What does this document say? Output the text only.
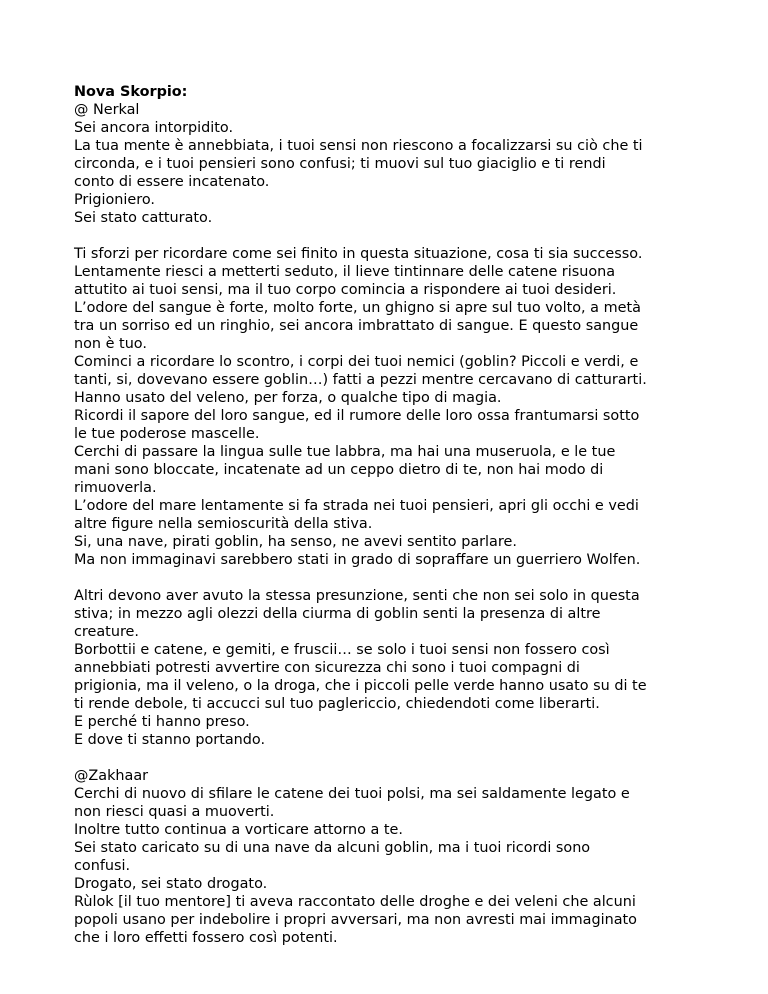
Nova Skorpio:
@ Nerkal
Sei ancora intorpidito.
La tua mente è annebbiata, i tuoi sensi non riescono a focalizzarsi su ciò che ti
circonda, e i tuoi pensieri sono confusi; ti muovi sul tuo giaciglio e ti rendi
conto di essere incatenato.
Prigioniero.
Sei stato catturato.
Ti sforzi per ricordare come sei finito in questa situazione, cosa ti sia successo.
Lentamente riesci a metterti seduto, il lieve tintinnare delle catene risuona
attutito ai tuoi sensi, ma il tuo corpo comincia a rispondere ai tuoi desideri.
L’odore del sangue è forte, molto forte, un ghigno si apre sul tuo volto, a metà
tra un sorriso ed un ringhio, sei ancora imbrattato di sangue. E questo sangue
non è tuo.
Cominci a ricordare lo scontro, i corpi dei tuoi nemici (goblin? Piccoli e verdi, e
tanti, si, dovevano essere goblin…) fatti a pezzi mentre cercavano di catturarti.
Hanno usato del veleno, per forza, o qualche tipo di magia.
Ricordi il sapore del loro sangue, ed il rumore delle loro ossa frantumarsi sotto
le tue poderose mascelle.
Cerchi di passare la lingua sulle tue labbra, ma hai una museruola, e le tue
mani sono bloccate, incatenate ad un ceppo dietro di te, non hai modo di
rimuoverla.
L’odore del mare lentamente si fa strada nei tuoi pensieri, apri gli occhi e vedi
altre figure nella semioscurità della stiva.
Si, una nave, pirati goblin, ha senso, ne avevi sentito parlare.
Ma non immaginavi sarebbero stati in grado di sopraffare un guerriero Wolfen.
Altri devono aver avuto la stessa presunzione, senti che non sei solo in questa
stiva; in mezzo agli olezzi della ciurma di goblin senti la presenza di altre
creature.
Borbottii e catene, e gemiti, e fruscii… se solo i tuoi sensi non fossero così
annebbiati potresti avvertire con sicurezza chi sono i tuoi compagni di
prigionia, ma il veleno, o la droga, che i piccoli pelle verde hanno usato su di te
ti rende debole, ti accucci sul tuo paglericcio, chiedendoti come liberarti.
E perché ti hanno preso.
E dove ti stanno portando.
@Zakhaar
Cerchi di nuovo di sfilare le catene dei tuoi polsi, ma sei saldamente legato e
non riesci quasi a muoverti.
Inoltre tutto continua a vorticare attorno a te.
Sei stato caricato su di una nave da alcuni goblin, ma i tuoi ricordi sono
confusi.
Drogato, sei stato drogato.
Rùlok [il tuo mentore] ti aveva raccontato delle droghe e dei veleni che alcuni
popoli usano per indebolire i propri avversari, ma non avresti mai immaginato
che i loro effetti fossero così potenti.
